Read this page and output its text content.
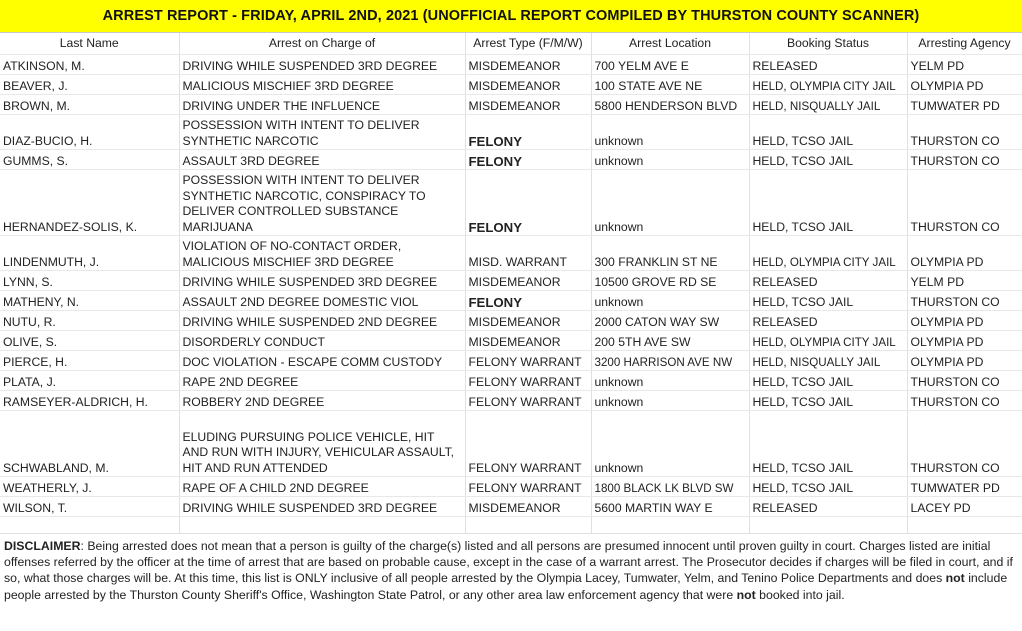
ARREST REPORT - FRIDAY, APRIL 2ND, 2021 (UNOFFICIAL REPORT COMPILED BY THURSTON COUNTY SCANNER)
Last Name	Arrest on Charge of	Arrest Type (F/M/W)	Arrest Location	Booking Status	Arresting Agency
ATKINSON, M.	DRIVING WHILE SUSPENDED 3RD DEGREE	MISDEMEANOR	700 YELM AVE E	RELEASED	YELM PD
BEAVER, J.	MALICIOUS MISCHIEF 3RD DEGREE	MISDEMEANOR	100 STATE AVE NE	HELD, OLYMPIA CITY JAIL	OLYMPIA PD
BROWN, M.	DRIVING UNDER THE INFLUENCE	MISDEMEANOR	5800 HENDERSON BLVD	HELD, NISQUALLY JAIL	TUMWATER PD
DIAZ-BUCIO, H.	POSSESSION WITH INTENT TO DELIVER SYNTHETIC NARCOTIC	FELONY	unknown	HELD, TCSO JAIL	THURSTON CO
GUMMS, S.	ASSAULT 3RD DEGREE	FELONY	unknown	HELD, TCSO JAIL	THURSTON CO
HERNANDEZ-SOLIS, K.	POSSESSION WITH INTENT TO DELIVER SYNTHETIC NARCOTIC, CONSPIRACY TO DELIVER CONTROLLED SUBSTANCE MARIJUANA	FELONY	unknown	HELD, TCSO JAIL	THURSTON CO
LINDENMUTH, J.	VIOLATION OF NO-CONTACT ORDER, MALICIOUS MISCHIEF 3RD DEGREE	MISD. WARRANT	300 FRANKLIN ST NE	HELD, OLYMPIA CITY JAIL	OLYMPIA PD
LYNN, S.	DRIVING WHILE SUSPENDED 3RD DEGREE	MISDEMEANOR	10500 GROVE RD SE	RELEASED	YELM PD
MATHENY, N.	ASSAULT 2ND DEGREE DOMESTIC VIOL	FELONY	unknown	HELD, TCSO JAIL	THURSTON CO
NUTU, R.	DRIVING WHILE SUSPENDED 2ND DEGREE	MISDEMEANOR	2000 CATON WAY SW	RELEASED	OLYMPIA PD
OLIVE, S.	DISORDERLY CONDUCT	MISDEMEANOR	200 5TH AVE SW	HELD, OLYMPIA CITY JAIL	OLYMPIA PD
PIERCE, H.	DOC VIOLATION - ESCAPE COMM CUSTODY	FELONY WARRANT	3200 HARRISON AVE NW	HELD, NISQUALLY JAIL	OLYMPIA PD
PLATA, J.	RAPE 2ND DEGREE	FELONY WARRANT	unknown	HELD, TCSO JAIL	THURSTON CO
RAMSEYER-ALDRICH, H.	ROBBERY 2ND DEGREE	FELONY WARRANT	unknown	HELD, TCSO JAIL	THURSTON CO
SCHWABLAND, M.	ELUDING PURSUING POLICE VEHICLE, HIT AND RUN WITH INJURY, VEHICULAR ASSAULT, HIT AND RUN ATTENDED	FELONY WARRANT	unknown	HELD, TCSO JAIL	THURSTON CO
WEATHERLY, J.	RAPE OF A CHILD 2ND DEGREE	FELONY WARRANT	1800 BLACK LK BLVD SW	HELD, TCSO JAIL	TUMWATER PD
WILSON, T.	DRIVING WHILE SUSPENDED 3RD DEGREE	MISDEMEANOR	5600 MARTIN WAY E	RELEASED	LACEY PD

DISCLAIMER: Being arrested does not mean that a person is guilty of the charge(s) listed and all persons are presumed innocent until proven guilty in court. Charges listed are initial offenses referred by the officer at the time of arrest that are based on probable cause, except in the case of a warrant arrest. The Prosecutor decides if charges will be filed in court, and if so, what those charges will be. At this time, this list is ONLY inclusive of all people arrested by the Olympia Lacey, Tumwater, Yelm, and Tenino Police Departments and does not include people arrested by the Thurston County Sheriff's Office, Washington State Patrol, or any other area law enforcement agency that were not booked into jail.
